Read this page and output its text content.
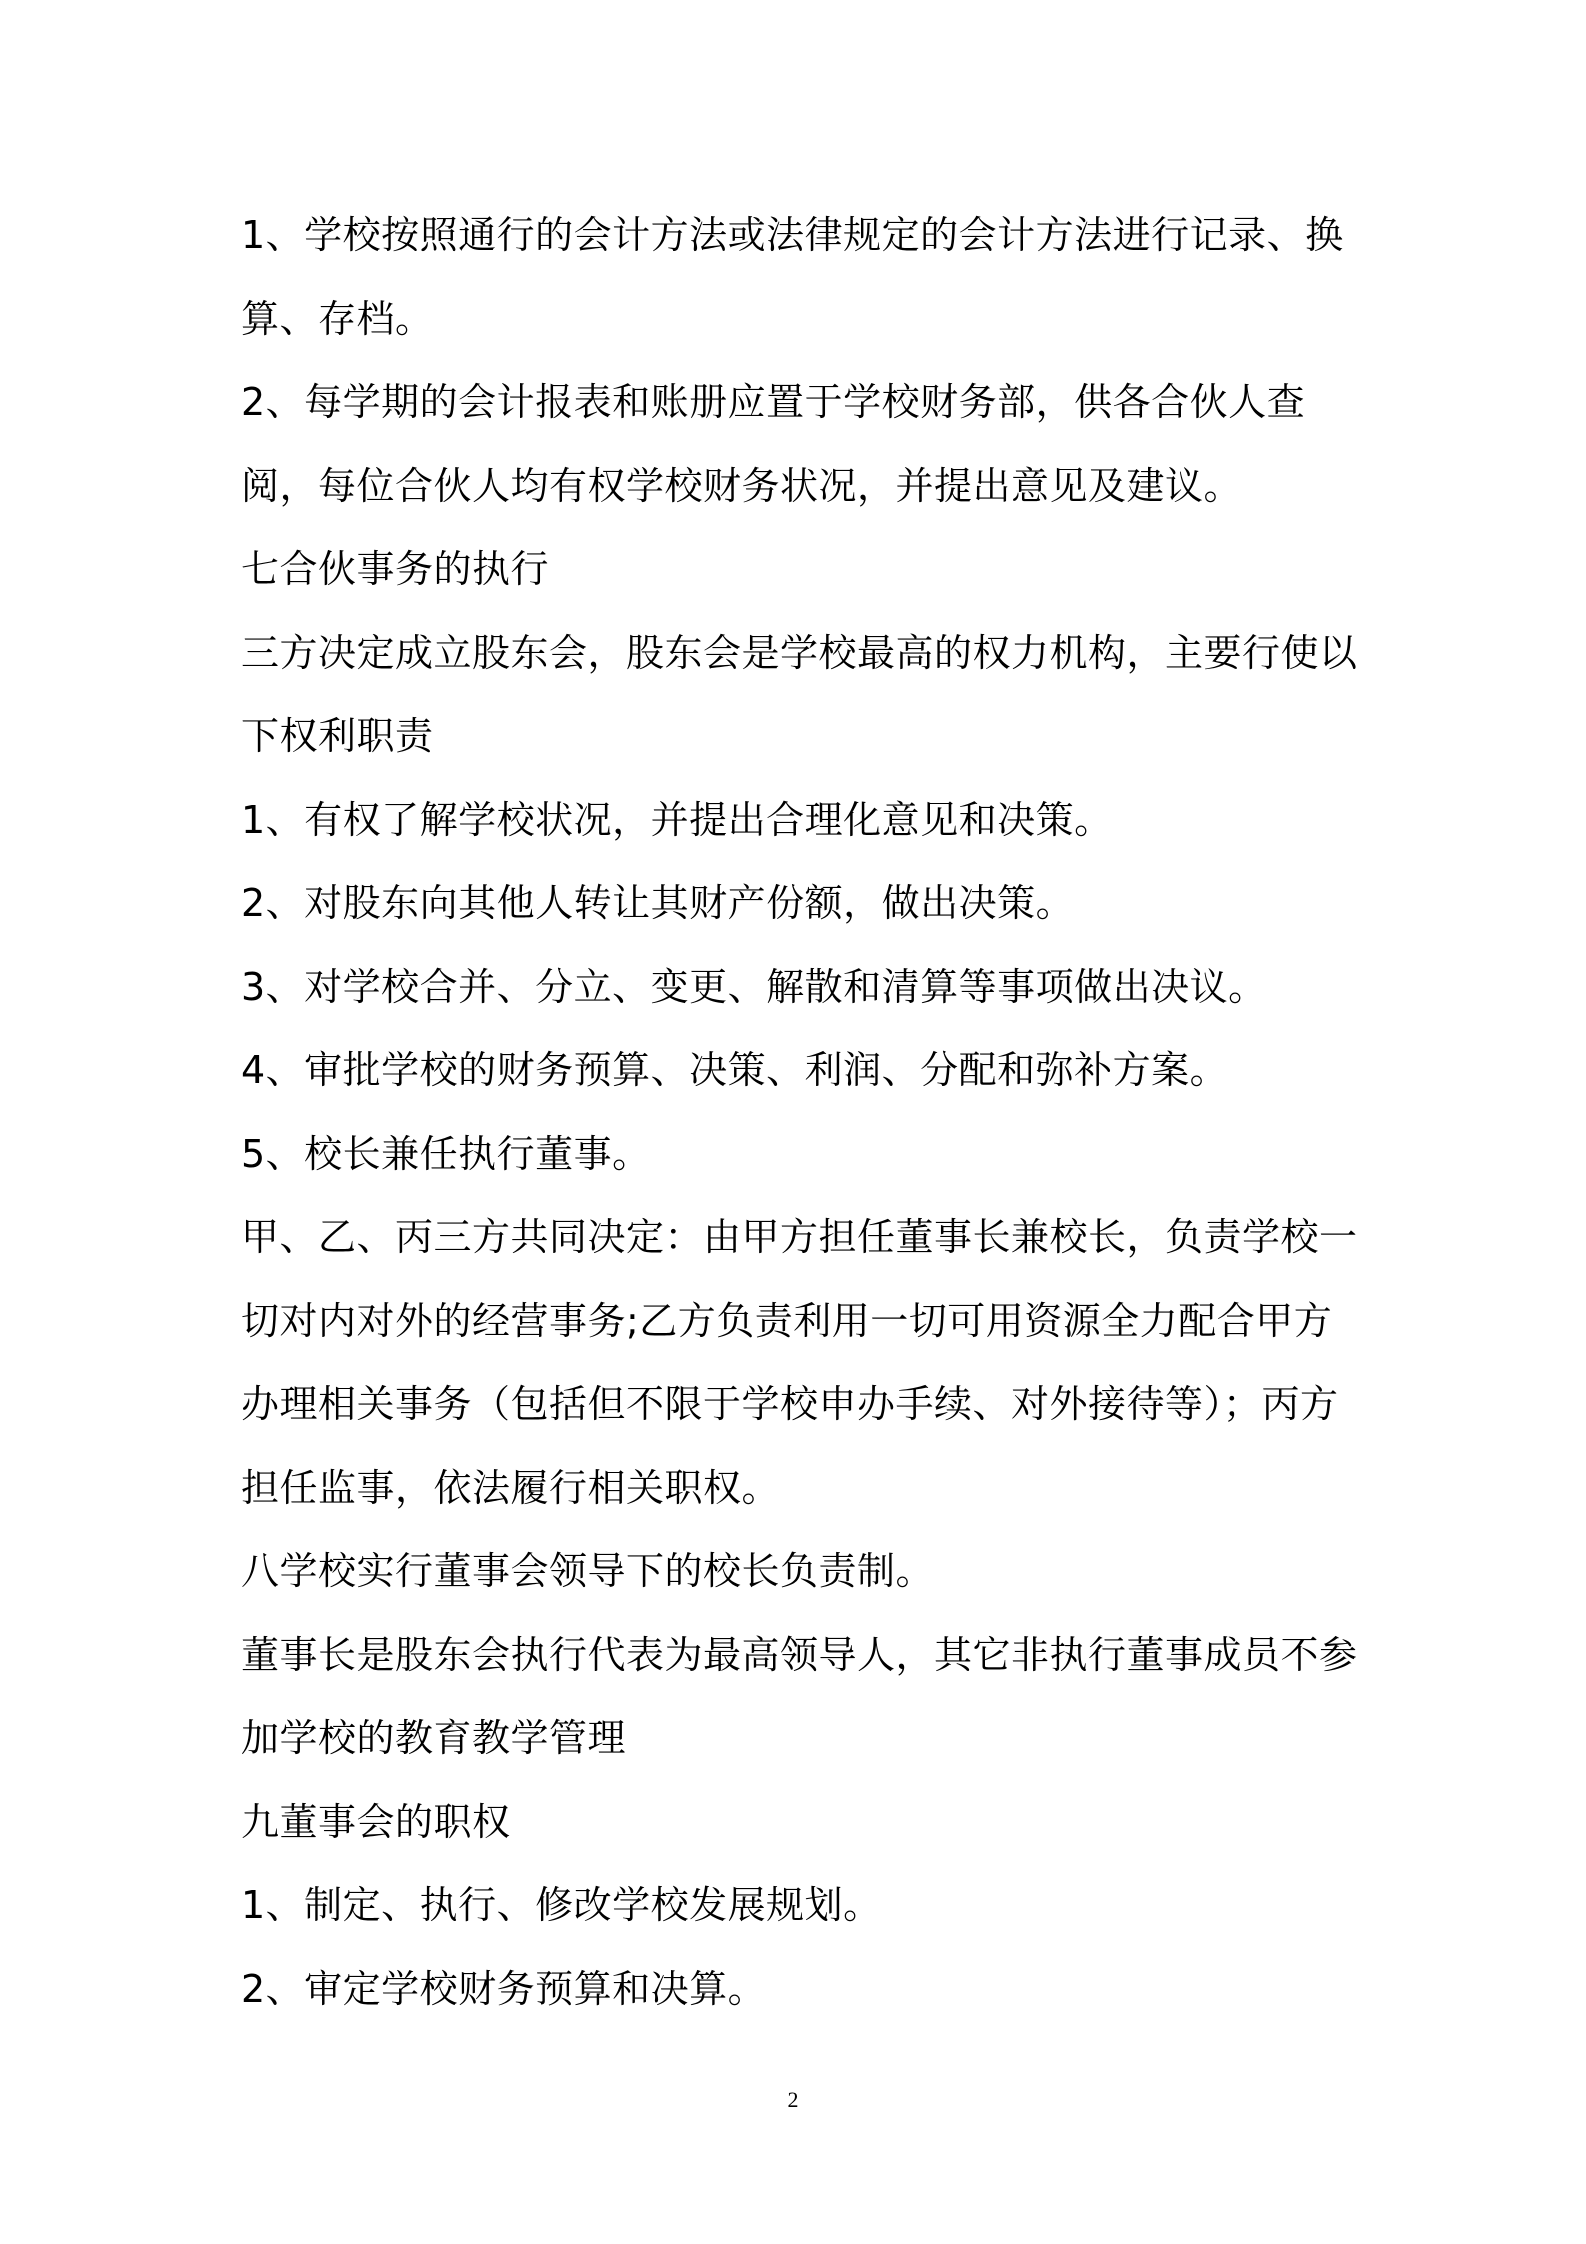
1、学校按照通行的会计方法或法律规定的会计方法进行记录、换算、存档。

2、每学期的会计报表和账册应置于学校财务部，供各合伙人查阅，每位合伙人均有权学校财务状况，并提出意见及建议。

七合伙事务的执行

三方决定成立股东会，股东会是学校最高的权力机构，主要行使以下权利职责

1、有权了解学校状况，并提出合理化意见和决策。

2、对股东向其他人转让其财产份额，做出决策。

3、对学校合并、分立、变更、解散和清算等事项做出决议。

4、审批学校的财务预算、决策、利润、分配和弥补方案。

5、校长兼任执行董事。

甲、乙、丙三方共同决定：由甲方担任董事长兼校长，负责学校一切对内对外的经营事务;乙方负责利用一切可用资源全力配合甲方办理相关事务（包括但不限于学校申办手续、对外接待等）；丙方担任监事，依法履行相关职权。

八学校实行董事会领导下的校长负责制。

董事长是股东会执行代表为最高领导人，其它非执行董事成员不参加学校的教育教学管理

九董事会的职权

1、制定、执行、修改学校发展规划。

2、审定学校财务预算和决算。

2
